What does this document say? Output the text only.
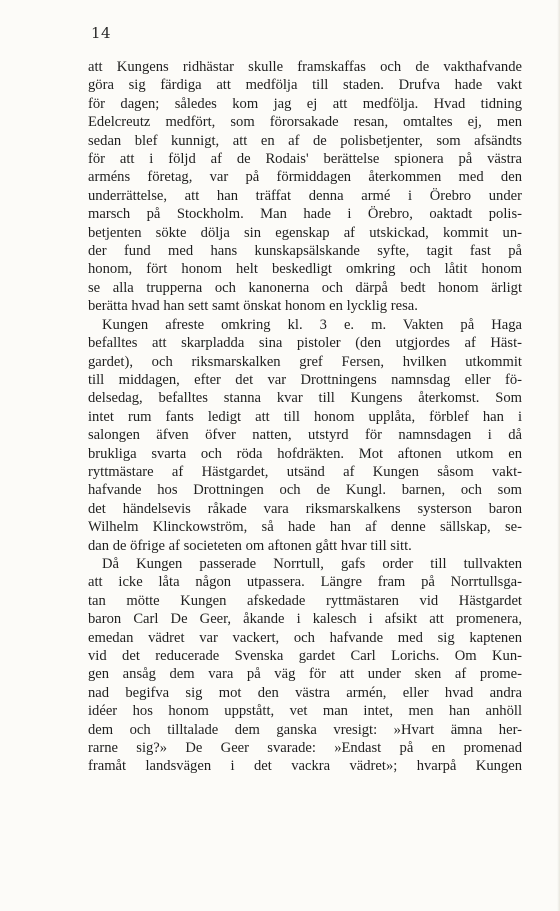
14
att Kungens ridhästar skulle framskaffas och de vakthafvande
göra sig färdiga att medfölja till staden. Drufva hade vakt
för dagen; således kom jag ej att medfölja. Hvad tidning
Edelcreutz medfört, som förorsakade resan, omtaltes ej, men
sedan blef kunnigt, att en af de polisbetjenter, som afsändts
för att i följd af de Rodais' berättelse spionera på västra
arméns företag, var på förmiddagen återkommen med den
underrättelse, att han träffat denna armé i Örebro under
marsch på Stockholm. Man hade i Örebro, oaktadt polis-
betjenten sökte dölja sin egenskap af utskickad, kommit un-
der fund med hans kunskapsälskande syfte, tagit fast på
honom, fört honom helt beskedligt omkring och låtit honom
se alla trupperna och kanonerna och därpå bedt honom ärligt
berätta hvad han sett samt önskat honom en lycklig resa.
Kungen afreste omkring kl. 3 e. m. Vakten på Haga
befalltes att skarpladda sina pistoler (den utgjordes af Häst-
gardet), och riksmarskalken gref Fersen, hvilken utkommit
till middagen, efter det var Drottningens namnsdag eller fö-
delsedag, befalltes stanna kvar till Kungens återkomst. Som
intet rum fants ledigt att till honom upplåta, förblef han i
salongen äfven öfver natten, utstyrd för namnsdagen i då
brukliga svarta och röda hofdräkten. Mot aftonen utkom en
ryttmästare af Hästgardet, utsänd af Kungen såsom vakt-
hafvande hos Drottningen och de Kungl. barnen, och som
det händelsevis råkade vara riksmarskalkens systerson baron
Wilhelm Klinckowström, så hade han af denne sällskap, se-
dan de öfrige af societeten om aftonen gått hvar till sitt.
Då Kungen passerade Norrtull, gafs order till tullvakten
att icke låta någon utpassera. Längre fram på Norrtullsga-
tan mötte Kungen afskedade ryttmästaren vid Hästgardet
baron Carl De Geer, åkande i kalesch i afsikt att promenera,
emedan vädret var vackert, och hafvande med sig kaptenen
vid det reducerade Svenska gardet Carl Lorichs. Om Kun-
gen ansåg dem vara på väg för att under sken af prome-
nad begifva sig mot den västra armén, eller hvad andra
idéer hos honom uppstått, vet man intet, men han anhöll
dem och tilltalade dem ganska vresigt: »Hvart ämna her-
rarne sig?» De Geer svarade: »Endast på en promenad
framåt landsvägen i det vackra vädret»; hvarpå Kungen
